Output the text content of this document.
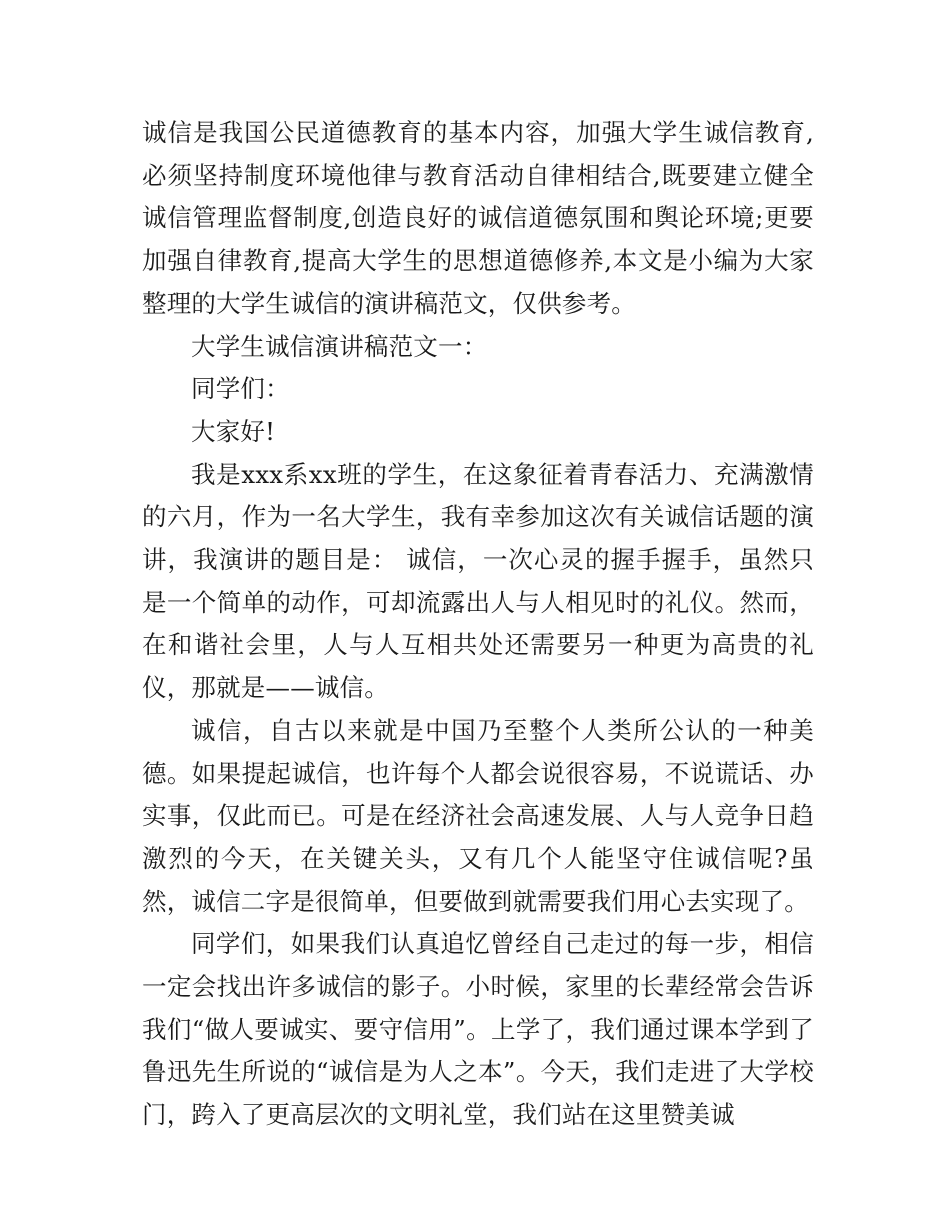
诚信是我国公民道德教育的基本内容，加强大学生诚信教育,必须坚持制度环境他律与教育活动自律相结合,既要建立健全诚信管理监督制度,创造良好的诚信道德氛围和舆论环境;更要加强自律教育,提高大学生的思想道德修养,本文是小编为大家整理的大学生诚信的演讲稿范文，仅供参考。

大学生诚信演讲稿范文一：

同学们：

大家好!

我是xxx系xx班的学生，在这象征着青春活力、充满激情的六月，作为一名大学生，我有幸参加这次有关诚信话题的演讲，我演讲的题目是： 诚信，一次心灵的握手握手，虽然只是一个简单的动作，可却流露出人与人相见时的礼仪。然而，在和谐社会里，人与人互相共处还需要另一种更为高贵的礼仪，那就是——诚信。

诚信，自古以来就是中国乃至整个人类所公认的一种美德。如果提起诚信，也许每个人都会说很容易，不说谎话、办实事，仅此而已。可是在经济社会高速发展、人与人竞争日趋激烈的今天，在关键关头，又有几个人能坚守住诚信呢?虽然，诚信二字是很简单，但要做到就需要我们用心去实现了。

同学们，如果我们认真追忆曾经自己走过的每一步，相信一定会找出许多诚信的影子。小时候，家里的长辈经常会告诉我们“做人要诚实、要守信用”。上学了，我们通过课本学到了鲁迅先生所说的“诚信是为人之本”。今天，我们走进了大学校门，跨入了更高层次的文明礼堂，我们站在这里赞美诚
